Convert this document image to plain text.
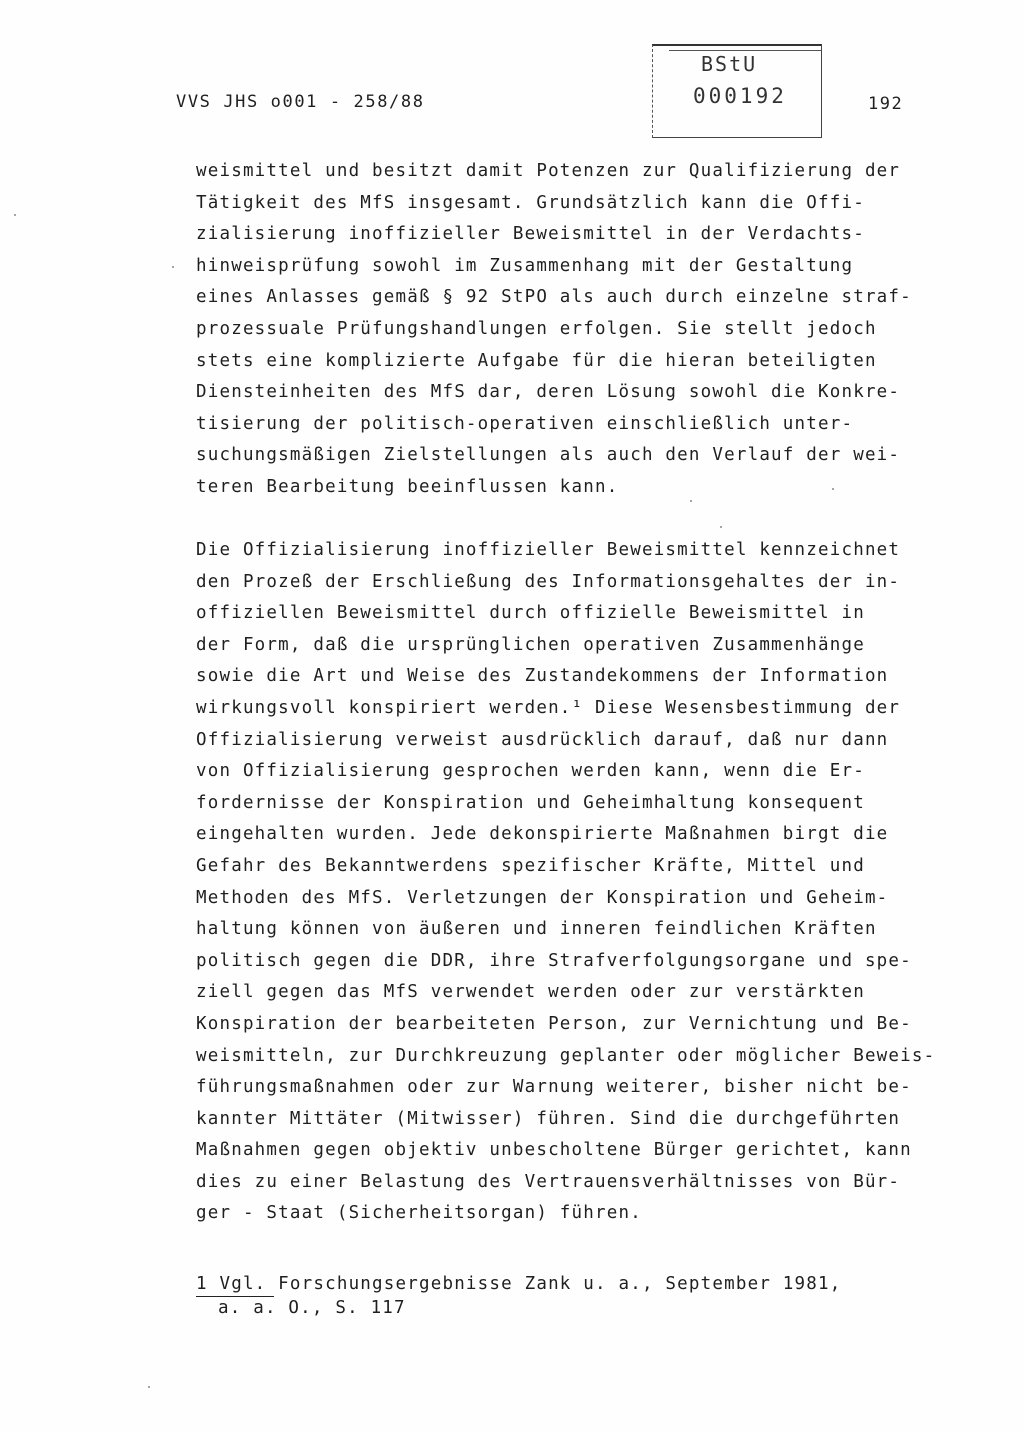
VVS JHS o001 - 258/88
BStU
000192	192
weismittel und besitzt damit Potenzen zur Qualifizierung der
Tätigkeit des MfS insgesamt. Grundsätzlich kann die Offi-
zialisierung inoffizieller Beweismittel in der Verdachts-
hinweisprüfung sowohl im Zusammenhang mit der Gestaltung
eines Anlasses gemäß § 92 StPO als auch durch einzelne straf-
prozessuale Prüfungshandlungen erfolgen. Sie stellt jedoch
stets eine komplizierte Aufgabe für die hieran beteiligten
Diensteinheiten des MfS dar, deren Lösung sowohl die Konkre-
tisierung der politisch-operativen einschließlich unter-
suchungsmäßigen Zielstellungen als auch den Verlauf der wei-
teren Bearbeitung beeinflussen kann.
Die Offizialisierung inoffizieller Beweismittel kennzeichnet
den Prozeß der Erschließung des Informationsgehaltes der in-
offiziellen Beweismittel durch offizielle Beweismittel in
der Form, daß die ursprünglichen operativen Zusammenhänge
sowie die Art und Weise des Zustandekommens der Information
wirkungsvoll konspiriert werden.¹ Diese Wesensbestimmung der
Offizialisierung verweist ausdrücklich darauf, daß nur dann
von Offizialisierung gesprochen werden kann, wenn die Er-
fordernisse der Konspiration und Geheimhaltung konsequent
eingehalten wurden. Jede dekonspirierte Maßnahmen birgt die
Gefahr des Bekanntwerdens spezifischer Kräfte, Mittel und
Methoden des MfS. Verletzungen der Konspiration und Geheim-
haltung können von äußeren und inneren feindlichen Kräften
politisch gegen die DDR, ihre Strafverfolgungsorgane und spe-
ziell gegen das MfS verwendet werden oder zur verstärkten
Konspiration der bearbeiteten Person, zur Vernichtung und Be-
weismitteln, zur Durchkreuzung geplanter oder möglicher Beweis-
führungsmaßnahmen oder zur Warnung weiterer, bisher nicht be-
kannter Mittäter (Mitwisser) führen. Sind die durchgeführten
Maßnahmen gegen objektiv unbescholtene Bürger gerichtet, kann
dies zu einer Belastung des Vertrauensverhältnisses von Bür-
ger - Staat (Sicherheitsorgan) führen.
1 Vgl. Forschungsergebnisse Zank u. a., September 1981,
a. a. O., S. 117
